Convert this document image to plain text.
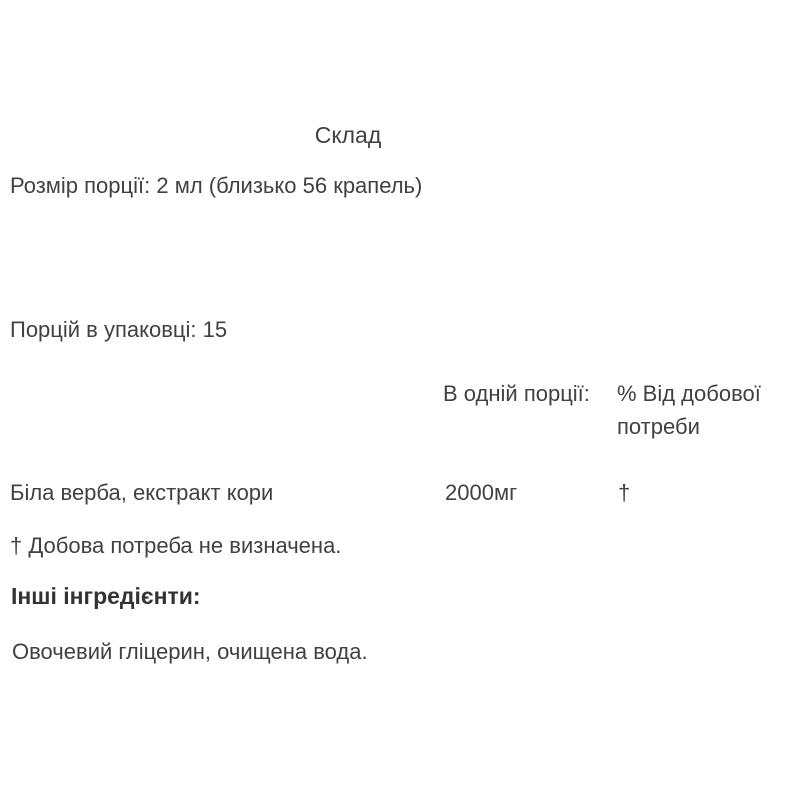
Склад
Розмір порції: 2 мл (близько 56 крапель)
Порцій в упаковці: 15
В одній порції: % Від добової потреби
Біла верба, екстракт кори	2000мг	†
† Добова потреба не визначена.
Інші інгредієнти:
Овочевий гліцерин, очищена вода.
